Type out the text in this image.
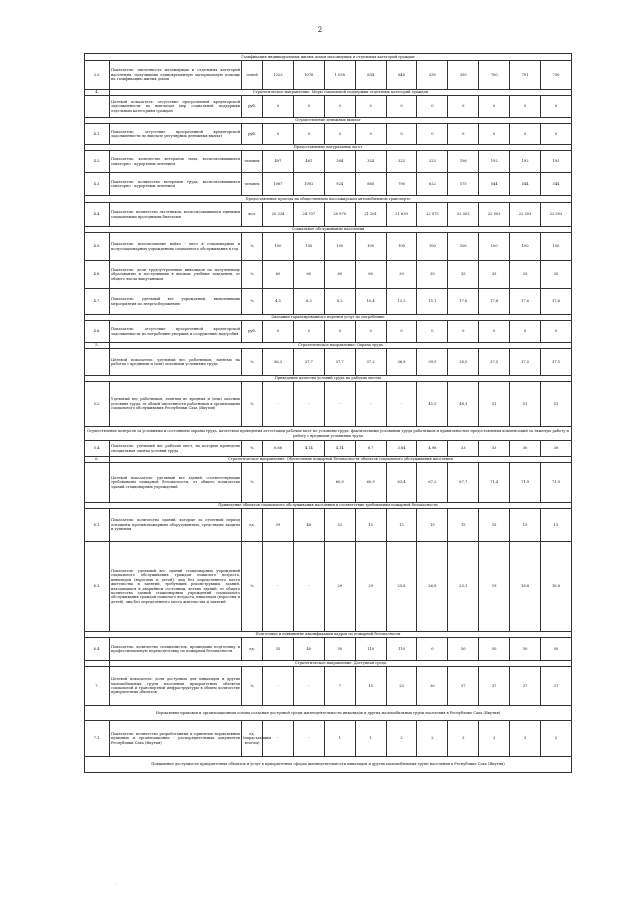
2
Газификация индивидуальных жилых домов малоимущих и отдельных категорий граждан												
3.5.	Показатель: численность малоимущих и отдельных категорий населения, получивших единовременную материальную помощь на газификацию жилых домов	семей	1223	1076	1 038	834	648	530	350	700	701	730
4.	Стратегическое направление: Меры социальной поддержки отдельных категорий граждан											
	Целевой показатель: отсутствие просроченной кредиторской задолженности по выплатам мер социальной поддержки отдельным категориям граждан	руб.	0	0	0	0	0	0	0	0	0	0
Осуществление денежных выплат												
4.1.	Показатель: отсутствие просроченной кредиторской задолженности по выплате регулярных денежных выплат	руб.	0	0	0	0	0	0	0	0	0	0
Предоставление натуральных льгот												
4.2.	Показатель: количество ветеранов тыла, воспользовавшихся санаторно - курортным лечением	человек	497	461	384	324	322	223	196	192	192	192
4.3.	Показатель: количество ветеранов труда, воспользовавшихся санаторно - курортным лечением	человек	1087	1002	924	865	790	622	575	544	544	544
Предоставление проезда на общественном пассажирском автомобильном транспорте												
4.4.	Показатель: количество льготников, воспользовавшихся едиными социальными проездными билетами	чел.	20 334	24 707	20 970	21 261	21 639	22 075	22 503	22 503	22 503	22 503
Социальное обслуживание населения												
4.5.	Показатель: использование койко - мест в стационарных и полустационарных учреждениях социального обслуживания в год	%	100	100	100	100	100	100	100	100	100	100
4.6.	Показатель: доля трудоустроенных инвалидов по полученному образованию и поступивших в высшие учебные заведения, от общего числа выпускников	%	60	60	60	60	39	35	35	35	35	35
4.7.	Показатель: удельный вес учреждений, выполнивших мероприятия по энергосбережению	%	4,5	6,3	8,2	10,4	13,2	15,1	17,6	17,6	17,6	17,6
Оказание гарантированного перечня услуг по погребению												
4.8.	Показатель: отсутствие просроченной кредиторской задолженности по погребению умерших и сооружению надгробия	руб.	0	0	0	0	0	0	0	0	0	0
5.	Стратегическое направление: Охрана труда											
	Целевой показатель: удельный вес работников, занятых на работах с вредными и (или) опасными условиями труда	%	36,3	37,7	37,7	37,2	36,8	39,5	38,5	37,5	37,5	37,5
Приведение качества условий труда на рабочих местах												
5.2.	Удельный вес работников, занятых во вредных и (или) опасных условиях труда, от общей численности работников в организациях социального обслуживания Республики Саха (Якутия)	%	-	-	-	-	-	45,5	48,3	51	51	51
Осуществление контроля за условиями и состоянием охраны труда, качеством проведения аттестации рабочих мест по условиям труда, фактическими условиями труда работников и правильностью предоставления компенсаций за тяжелую работу и работу с вредными условиями труда												
5.4.	Показатель: удельный вес рабочих мест, на которых проведена специальная оценка условий труда	%	0,68	4,14	4,14	8,7	3,84	4,98	33	33	30	30
6.	Стратегическое направление: Обеспечение пожарной безопасности объектов социального обслуживания населения											
	Целевой показатель: удельный вес зданий, соответствующих требованиям пожарной безопасности, от общего количества зданий стационарных учреждений	%			60,9	60,9	63,4	67,2	67,7	71,4	71,9	71,9
Приведение объектов социального обслуживания населения в соответствие требованиям пожарной безопасности												
6.1.	Показатель: количество зданий, которые за отчетный период оснащены противопожарным оборудованием, средствами защиты и тушения	ед.	39	46	53	15	15	15	15	15	15	15
6.3.	Показатель: удельный вес зданий стационарных учреждений социального обслуживания граждан пожилого возраста, инвалидов (взрослых и детей), лиц без определенного места жительства и занятий, требующих реконструкции, зданий, находящихся в аварийном состоянии, ветхих зданий, от общего количества зданий стационарных учреждений социального обслуживания граждан пожилого возраста, инвалидов (взрослых и детей), лиц без определенного места жительства и занятий	%	-	-	29	29	25,8	26,8	23,1	19	18,8	18,8
Подготовка и повышение квалификации кадров по пожарной безопасности												
6.4.	Показатель: количество специалистов, прошедших подготовку и профессиональную переподготовку по пожарной безопасности	ед.	35	40	50	110	110	0	50	50	50	50
	Стратегическое направление: Доступная среда											
7.	Целевой показатель: доля доступных для инвалидов и других маломобильных групп населения приоритетных объектов социальной и транспортной инфраструктуры в общем количестве приоритетных объектов	%	-	-	7	15	23	30	37	37	37	37
Нормативно-правовая и организационная основа создания доступной среды жизнедеятельности инвалидов и других маломобильных групп населения в Республике Саха (Якутия)												
7.1.	Показатель: количество разработанных и принятых нормативных правовых и организационно - распорядительных документов Республики Саха (Якутия)	ед. (нарастающим итогом)	-	-	1	1	2	2	3	3	3	3
Повышение доступности приоритетных объектов и услуг в приоритетных сферах жизнедеятельности инвалидов и других маломобильных групп населения в Республике Саха (Якутия)												
·
